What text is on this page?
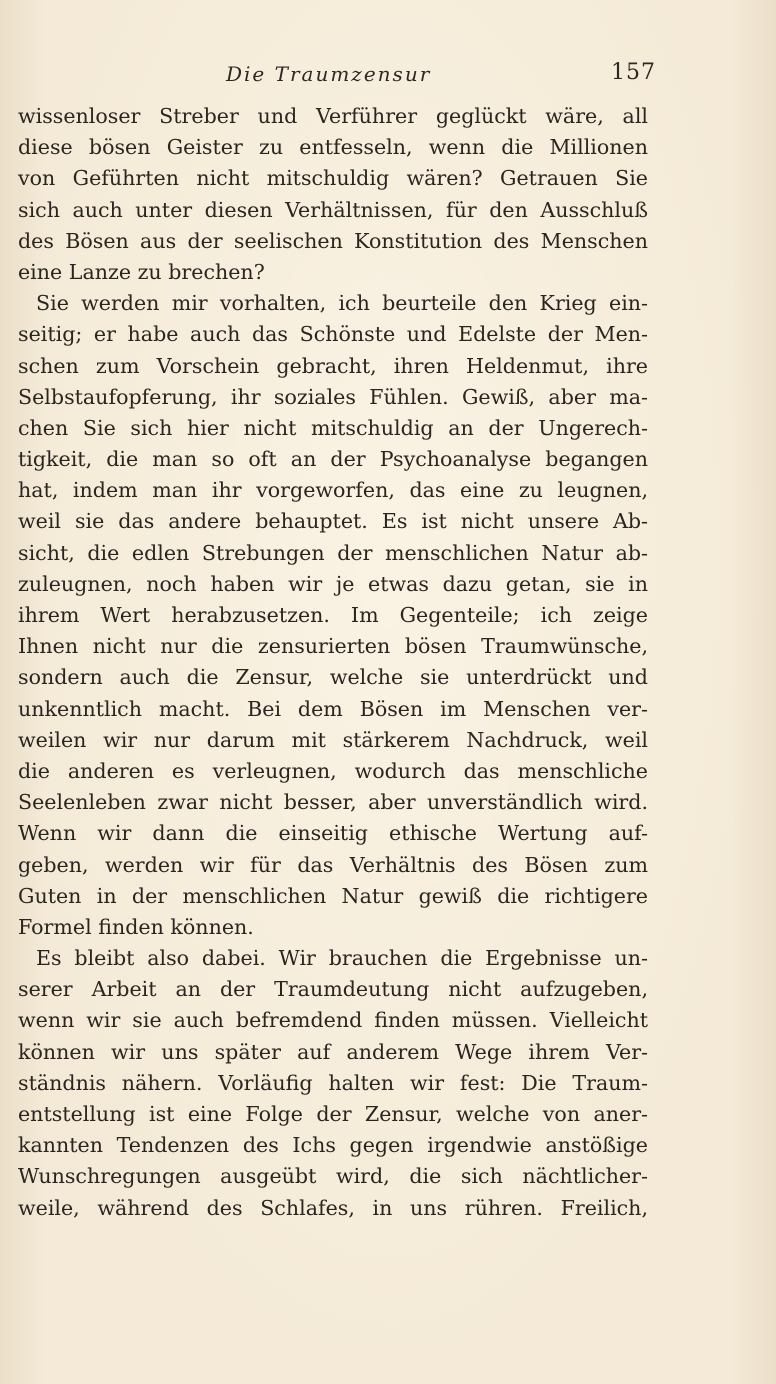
Die Traumzensur	157
wissenloser Streber und Verführer geglückt wäre, all
diese bösen Geister zu entfesseln, wenn die Millionen
von Geführten nicht mitschuldig wären? Getrauen Sie
sich auch unter diesen Verhältnissen, für den Ausschluß
des Bösen aus der seelischen Konstitution des Menschen
eine Lanze zu brechen?
Sie werden mir vorhalten, ich beurteile den Krieg ein-
seitig; er habe auch das Schönste und Edelste der Men-
schen zum Vorschein gebracht, ihren Heldenmut, ihre
Selbstaufopferung, ihr soziales Fühlen. Gewiß, aber ma-
chen Sie sich hier nicht mitschuldig an der Ungerech-
tigkeit, die man so oft an der Psychoanalyse begangen
hat, indem man ihr vorgeworfen, das eine zu leugnen,
weil sie das andere behauptet. Es ist nicht unsere Ab-
sicht, die edlen Strebungen der menschlichen Natur ab-
zuleugnen, noch haben wir je etwas dazu getan, sie in
ihrem Wert herabzusetzen. Im Gegenteile; ich zeige
Ihnen nicht nur die zensurierten bösen Traumwünsche,
sondern auch die Zensur, welche sie unterdrückt und
unkenntlich macht. Bei dem Bösen im Menschen ver-
weilen wir nur darum mit stärkerem Nachdruck, weil
die anderen es verleugnen, wodurch das menschliche
Seelenleben zwar nicht besser, aber unverständlich wird.
Wenn wir dann die einseitig ethische Wertung auf-
geben, werden wir für das Verhältnis des Bösen zum
Guten in der menschlichen Natur gewiß die richtigere
Formel finden können.
Es bleibt also dabei. Wir brauchen die Ergebnisse un-
serer Arbeit an der Traumdeutung nicht aufzugeben,
wenn wir sie auch befremdend finden müssen. Vielleicht
können wir uns später auf anderem Wege ihrem Ver-
ständnis nähern. Vorläufig halten wir fest: Die Traum-
entstellung ist eine Folge der Zensur, welche von aner-
kannten Tendenzen des Ichs gegen irgendwie anstößige
Wunschregungen ausgeübt wird, die sich nächtlicher-
weile, während des Schlafes, in uns rühren. Freilich,
